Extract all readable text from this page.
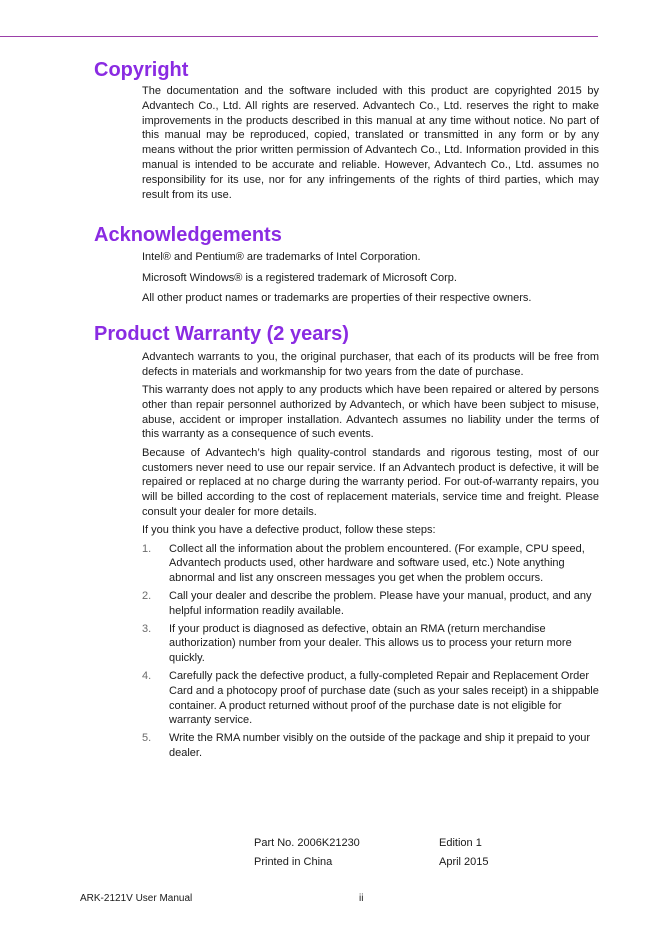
Copyright

The documentation and the software included with this product are copyrighted 2015 by Advantech Co., Ltd. All rights are reserved. Advantech Co., Ltd. reserves the right to make improvements in the products described in this manual at any time without notice. No part of this manual may be reproduced, copied, translated or transmitted in any form or by any means without the prior written permission of Advantech Co., Ltd. Information provided in this manual is intended to be accurate and reliable. However, Advantech Co., Ltd. assumes no responsibility for its use, nor for any infringements of the rights of third parties, which may result from its use.

Acknowledgements

Intel® and Pentium® are trademarks of Intel Corporation.

Microsoft Windows® is a registered trademark of Microsoft Corp.

All other product names or trademarks are properties of their respective owners.

Product Warranty (2 years)

Advantech warrants to you, the original purchaser, that each of its products will be free from defects in materials and workmanship for two years from the date of purchase.

This warranty does not apply to any products which have been repaired or altered by persons other than repair personnel authorized by Advantech, or which have been subject to misuse, abuse, accident or improper installation. Advantech assumes no liability under the terms of this warranty as a consequence of such events.

Because of Advantech’s high quality-control standards and rigorous testing, most of our customers never need to use our repair service. If an Advantech product is defective, it will be repaired or replaced at no charge during the warranty period. For out-of-warranty repairs, you will be billed according to the cost of replacement materials, service time and freight. Please consult your dealer for more details.

If you think you have a defective product, follow these steps:

1. Collect all the information about the problem encountered. (For example, CPU speed, Advantech products used, other hardware and software used, etc.) Note anything abnormal and list any onscreen messages you get when the problem occurs.
2. Call your dealer and describe the problem. Please have your manual, product, and any helpful information readily available.
3. If your product is diagnosed as defective, obtain an RMA (return merchandise authorization) number from your dealer. This allows us to process your return more quickly.
4. Carefully pack the defective product, a fully-completed Repair and Replacement Order Card and a photocopy proof of purchase date (such as your sales receipt) in a shippable container. A product returned without proof of the purchase date is not eligible for warranty service.
5. Write the RMA number visibly on the outside of the package and ship it prepaid to your dealer.
Part No. 2006K21230
Printed in China
Edition 1
April 2015
ARK-2121V User Manual	ii
